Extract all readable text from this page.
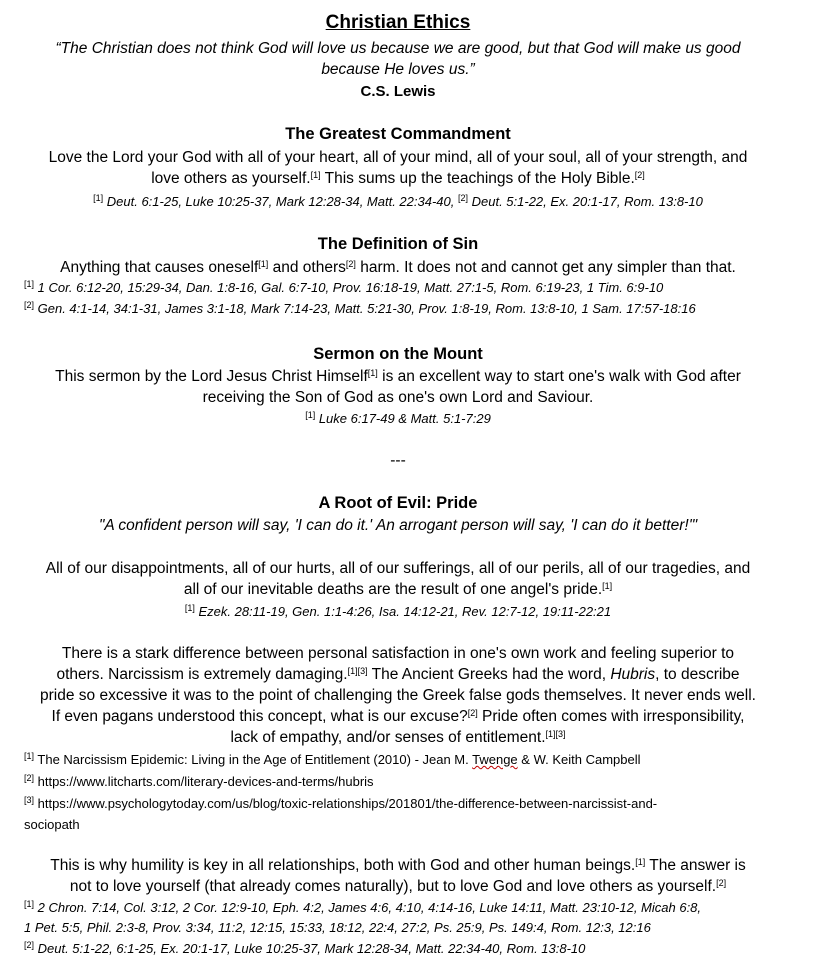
Christian Ethics
“The Christian does not think God will love us because we are good, but that God will make us good
because He loves us.”
C.S. Lewis
The Greatest Commandment
Love the Lord your God with all of your heart, all of your mind, all of your soul, all of your strength, and
love others as yourself.[1] This sums up the teachings of the Holy Bible.[2]
[1] Deut. 6:1-25, Luke 10:25-37, Mark 12:28-34, Matt. 22:34-40, [2] Deut. 5:1-22, Ex. 20:1-17, Rom. 13:8-10
The Definition of Sin
Anything that causes oneself[1] and others[2] harm. It does not and cannot get any simpler than that.
[1] 1 Cor. 6:12-20, 15:29-34, Dan. 1:8-16, Gal. 6:7-10, Prov. 16:18-19, Matt. 27:1-5, Rom. 6:19-23, 1 Tim. 6:9-10
[2] Gen. 4:1-14, 34:1-31, James 3:1-18, Mark 7:14-23, Matt. 5:21-30, Prov. 1:8-19, Rom. 13:8-10, 1 Sam. 17:57-18:16
Sermon on the Mount
This sermon by the Lord Jesus Christ Himself[1] is an excellent way to start one's walk with God after
receiving the Son of God as one's own Lord and Saviour.
[1] Luke 6:17-49 & Matt. 5:1-7:29
---
A Root of Evil: Pride
"A confident person will say, 'I can do it.' An arrogant person will say, 'I can do it better!'"
All of our disappointments, all of our hurts, all of our sufferings, all of our perils, all of our tragedies, and
all of our inevitable deaths are the result of one angel's pride.[1]
[1] Ezek. 28:11-19, Gen. 1:1-4:26, Isa. 14:12-21, Rev. 12:7-12, 19:11-22:21
There is a stark difference between personal satisfaction in one's own work and feeling superior to
others. Narcissism is extremely damaging.[1][3] The Ancient Greeks had the word, Hubris, to describe
pride so excessive it was to the point of challenging the Greek false gods themselves. It never ends well.
If even pagans understood this concept, what is our excuse?[2] Pride often comes with irresponsibility,
lack of empathy, and/or senses of entitlement.[1][3]
[1] The Narcissism Epidemic: Living in the Age of Entitlement (2010) - Jean M. Twenge & W. Keith Campbell
[2] https://www.litcharts.com/literary-devices-and-terms/hubris
[3] https://www.psychologytoday.com/us/blog/toxic-relationships/201801/the-difference-between-narcissist-and-
sociopath
This is why humility is key in all relationships, both with God and other human beings.[1] The answer is
not to love yourself (that already comes naturally), but to love God and love others as yourself.[2]
[1] 2 Chron. 7:14, Col. 3:12, 2 Cor. 12:9-10, Eph. 4:2, James 4:6, 4:10, 4:14-16, Luke 14:11, Matt. 23:10-12, Micah 6:8,
1 Pet. 5:5, Phil. 2:3-8, Prov. 3:34, 11:2, 12:15, 15:33, 18:12, 22:4, 27:2, Ps. 25:9, Ps. 149:4, Rom. 12:3, 12:16
[2] Deut. 5:1-22, 6:1-25, Ex. 20:1-17, Luke 10:25-37, Mark 12:28-34, Matt. 22:34-40, Rom. 13:8-10
